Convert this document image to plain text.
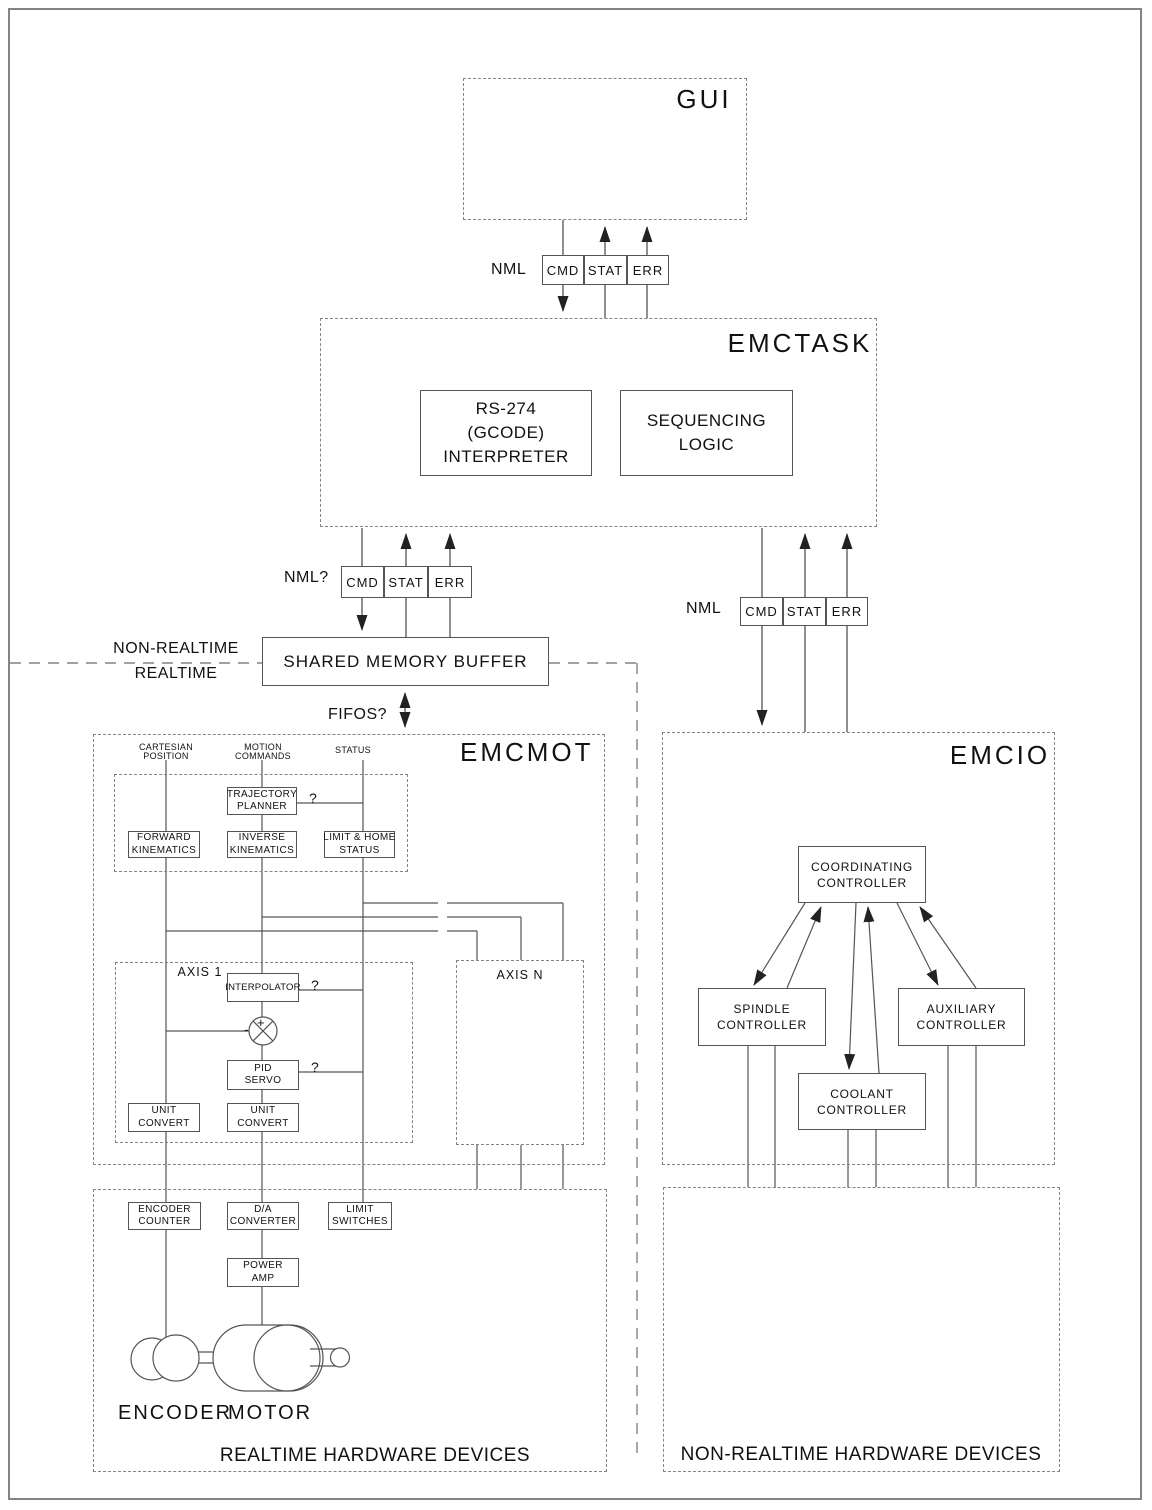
GUI
NML	CMD STAT ERR
EMCTASK
RS-274
(GCODE)
INTERPRETER
SEQUENCING
LOGIC
NML?	CMD STAT ERR
NML	CMD STAT ERR
NON-REALTIME
REALTIME
SHARED MEMORY BUFFER
FIFOS?
EMCMOT
CARTESIAN
POSITION
MOTION
COMMANDS
STATUS
TRAJECTORY
PLANNER
?
FORWARD
KINEMATICS
INVERSE
KINEMATICS
LIMIT & HOME
STATUS
AXIS 1
INTERPOLATOR ?
+
-
PID
SERVO
?
UNIT
CONVERT
UNIT
CONVERT
AXIS N
EMCIO
COORDINATING
CONTROLLER
SPINDLE
CONTROLLER
AUXILIARY
CONTROLLER
COOLANT
CONTROLLER
ENCODER
COUNTER
D/A
CONVERTER
LIMIT
SWITCHES
POWER
AMP
ENCODER
MOTOR
REALTIME HARDWARE DEVICES	NON-REALTIME HARDWARE DEVICES
